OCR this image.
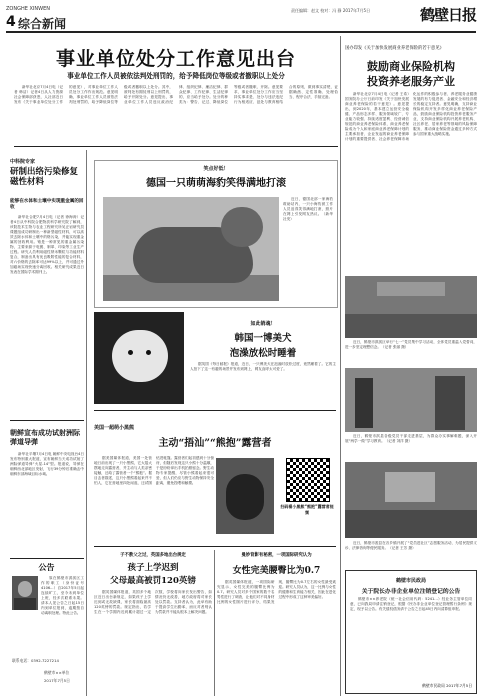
ZONGHE XINWEN
4 综合新闻
责任编辑：赵文 校对：冯 静 2017年7月5日	鹤壁日报
事业单位处分工作意见出台
事业单位工作人员被依法判处刑罚的，给予降低岗位等级或者撤职以上处分

新华社北京7月4日电（记者 韩洁）记者4日从人力资源社会保障部获悉，人社部近日发布《关于事业单位处分工作的意见》，对事业单位工作人员处分工作作出规范。意见明确，事业单位工作人员被依法判处刑罚的，给予降低岗位等级或者撤职以上处分。其中，被判处有期徒刑以上刑罚的，给予开除处分。意见提出，事业单位工作人员违反政治纪律、组织纪律、廉洁纪律、群众纪律、工作纪律、生活纪律的，应当给予处分。处分的种类为：警告、记过、降低岗位等级或者撤职、开除。意见要求，事业单位处分工作应当坚持实事求是、处分与违法违纪行为相适应、惩处与教育相结合的原则，做到事实清楚、证据确凿、定性准确、处理恰当、程序合法、手续完备。

国办印发《关于加快发展商业养老保险的若干意见》
鼓励商业保险机构
投资养老服务产业

新华社北京7月4日电（记者 王希）国务院办公厅日前印发《关于加快发展商业养老保险的若干意见》。意见提出，到2020年，基本建立运营安全稳健、产品形态多样、服务领域较广、专业能力较强、持续适度盈利、经营诚信规范的商业养老保险体系，商业养老保险成为个人和家庭商业养老保障计划的主要承担者、企业发起的商业养老保障计划的重要提供者、社会养老保障市场化运作的积极参与者、养老服务业健康发展的有力促进者、金融安全和经济增长的稳定支持者。意见明确，支持商业保险机构开发多样化商业养老保险产品，鼓励商业保险机构投资养老服务产业，支持商业保险机构开展养老机构、社区养老、居家养老等领域的风险保障服务，推动商业保险资金通过多种方式参与国家重大战略实施。

近日，鹤壁市淇滨区举行“七一”党员集中学习活动，全体党员重温入党誓词，进一步坚定理想信念。（记者 张丽 摄）

近日，鹤壁市淇县各级党员干部走进基层，为群众办实事解难题，深入开展“两学一做”学习教育。（记者 刘洋 摄）

近日，鹤壁市浚县在各乡镇开展了“党员进社区”志愿服务活动，为居民提供义诊、法律咨询等便民服务。（记者 王芳 摄）

鹤壁市民政局
关于院长办非企业单位注销登记的公告

鹤壁市××养老院（统一社会信用代码：5241...）经业务主管单位同意，已向我局申请注销登记，根据《民办非企业单位登记管理暂行条例》规定，现予以公告。有关债权债务请于公告之日起45日内向清算组申报。

鹤壁市民政局 2017年7月5日
中科院专家
研制出络污染修复磁性材料
能够在水体和土壤中实现重金属的回收

新华社合肥7月4日电（记者 徐海涛）记者4日从中科院合肥物质科学研究院了解到，该院技术生物与农业工程研究所吴正岩研究员课题组成功研制出一种新型磁性材料，可以高效去除水体和土壤中的铬污染，并能实现重金属的回收利用。铬是一种常见的重金属污染物，主要来源于电镀、制革、印染等工业生产过程。研究人员利用磁性纳米颗粒与功能材料复合，制备出具有优良吸附性能的复合材料，对六价铬的去除率可达99%以上，并可通过外加磁场实现快速分离回收。相关研究成果近日发表在国际学术期刊上。

朝鲜宣布成功试射洲际弹道导弹

新华社平壤7月4日电 朝鲜中央电视台4日发布特别重大报道，宣布朝鲜当天成功试射了洲际弹道导弹“火星-14”型。报道说，导弹在朝鲜西北部地区发射，飞行39分钟后准确击中朝鲜东部海域目标水域。

公告

原在鹤壁市淇滨区工作的职工（身份证号4106...）自2017年5月起连续旷工，至今未到单位上班，经多次联系未果。请本人见公告之日起15日内到单位报到，逾期按自动离职处理。特此公告。

联系电话：0392-7227214
鹤壁市××单位
2017年7月5日
笑点好低！
德国一只萌萌海豹笑得满地打滚

近日，德国北部一家海豹救助站内，一只小海豹被工作人员逗得笑得满地打滚，照片在网上引发网友热议。（新华社发）

如此销魂！
韩国一博美犬
泡澡放松时睡着

据英国《每日邮报》报道，近日，一只博美犬在泡澡时放松过度，竟然睡着了。它的主人拍下了这一有趣的场景并发布到网上，网友直呼太可爱了。

美国一超萌小黑熊
主动“捂汕”“熊抱”露营者

据美国媒体报道，美国一处营地日前出现了一只小黑熊，它大摇大摆地走向露营者，并主动与人类亲密接触，还给了露营者一个“熊抱”。据目击者描述，这只小黑熊看起来并不怕人，它在营地里四处闲逛，还试图钻进帐篷。露营者们起初感到十分惊讶，但随后发现这只小熊十分温顺，于是纷纷拿出手机拍照留念。野生动物专家提醒，尽管小熊看起来很可爱，但人们仍应与野生动物保持安全距离，避免投喂和触摸。

扫码看小黑熊“熊抱”露营者视频
子不教父之过，英国多地出台规定
孩子上学迟到
父母最高被罚120英镑

据英国媒体报道，英国多个地区近日出台新规定，如果孩子上学迟到或无故缺课，家长将面临最高120英镑的罚款。规定指出，若学生在一个学期内迟到累计超过一定次数，学校将向家长发出警告，如情况仍无改善，地方政府将对家长处以罚款。支持者认为，此举有助于提高学生出勤率，而反对者则认为罚款并不能从根本上解决问题。

曼妙背影有秘密，一项国际研究认为
女性完美腰臀比为0.7

据英国媒体报道，一项国际研究显示，女性完美的腰臀比例为0.7。研究人员对多个国家的数千名男性进行了调查，让他们对不同身材比例的女性图片进行评分，结果发现，腰臀比为0.7左右的女性最受欢迎。研究人员认为，这一比例与女性的健康和生育能力相关，因此在进化过程中形成了这种审美偏好。
